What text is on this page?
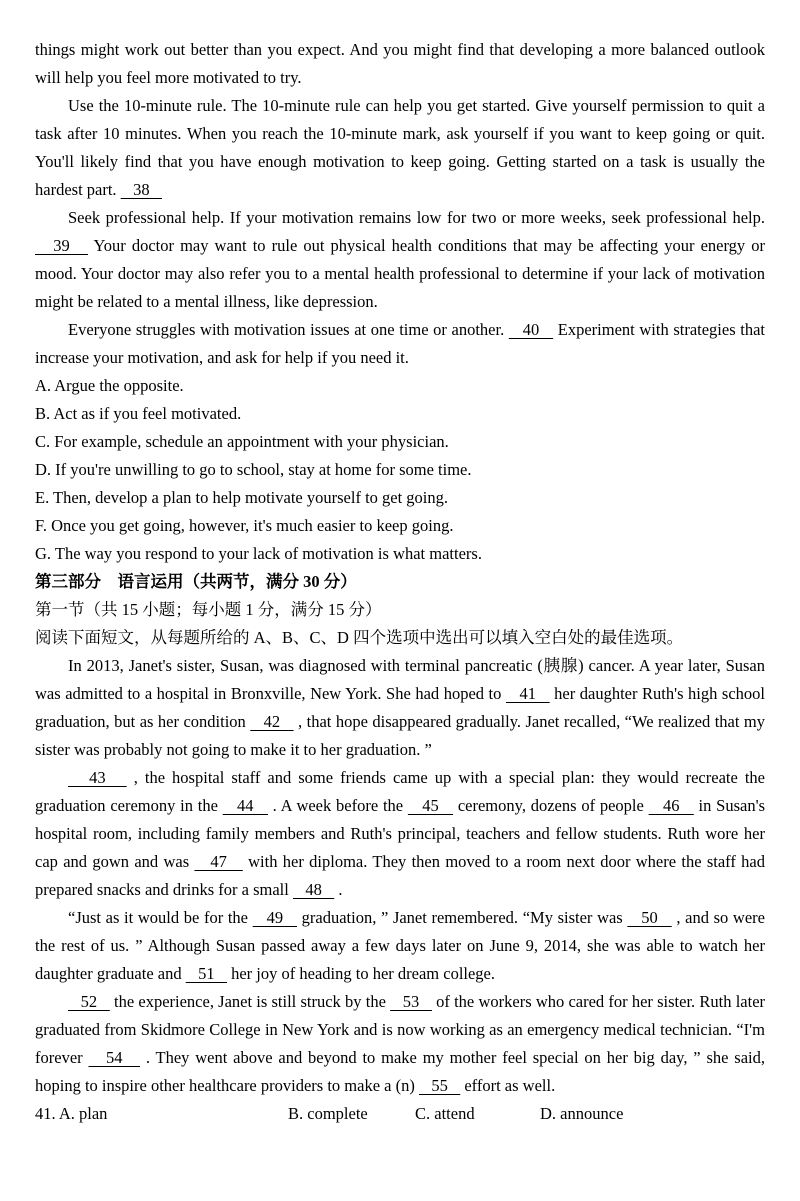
things might work out better than you expect. And you might find that developing a more balanced outlook will help you feel more motivated to try.

Use the 10-minute rule. The 10-minute rule can help you get started. Give yourself permission to quit a task after 10 minutes. When you reach the 10-minute mark, ask yourself if you want to keep going or quit. You'll likely find that you have enough motivation to keep going. Getting started on a task is usually the hardest part.    38

Seek professional help. If your motivation remains low for two or more weeks, seek professional help.    39    Your doctor may want to rule out physical health conditions that may be affecting your energy or mood. Your doctor may also refer you to a mental health professional to determine if your lack of motivation might be related to a mental illness, like depression.

Everyone struggles with motivation issues at one time or another.    40    Experiment with strategies that increase your motivation, and ask for help if you need it.

A. Argue the opposite.

B. Act as if you feel motivated.

C. For example, schedule an appointment with your physician.

D. If you're unwilling to go to school, stay at home for some time.

E. Then, develop a plan to help motivate yourself to get going.

F. Once you get going, however, it's much easier to keep going.

G. The way you respond to your lack of motivation is what matters.

第三部分　语言运用（共两节，满分 30 分）

第一节（共 15 小题；每小题 1 分，满分 15 分）

阅读下面短文，从每题所给的 A、B、C、D 四个选项中选出可以填入空白处的最佳选项。

In 2013, Janet's sister, Susan, was diagnosed with terminal pancreatic (胰腺) cancer. A year later, Susan was admitted to a hospital in Bronxville, New York. She had hoped to    41    her daughter Ruth's high school graduation, but as her condition    42    , that hope disappeared gradually. Janet recalled, “We realized that my sister was probably not going to make it to her graduation. ”

43    , the hospital staff and some friends came up with a special plan: they would recreate the graduation ceremony in the    44    . A week before the    45    ceremony, dozens of people    46    in Susan's hospital room, including family members and Ruth's principal, teachers and fellow students. Ruth wore her cap and gown and was    47    with her diploma. They then moved to a room next door where the staff had prepared snacks and drinks for a small    48    .

“Just as it would be for the    49    graduation, ” Janet remembered. “My sister was    50    , and so were the rest of us. ” Although Susan passed away a few days later on June 9, 2014, she was able to watch her daughter graduate and    51    her joy of heading to her dream college.

52    the experience, Janet is still struck by the    53    of the workers who cared for her sister. Ruth later graduated from Skidmore College in New York and is now working as an emergency medical technician. “I'm forever    54    . They went above and beyond to make my mother feel special on her big day, ” she said, hoping to inspire other healthcare providers to make a (n)    55    effort as well.

41. A. plan	B. complete	C. attend	D. announce
